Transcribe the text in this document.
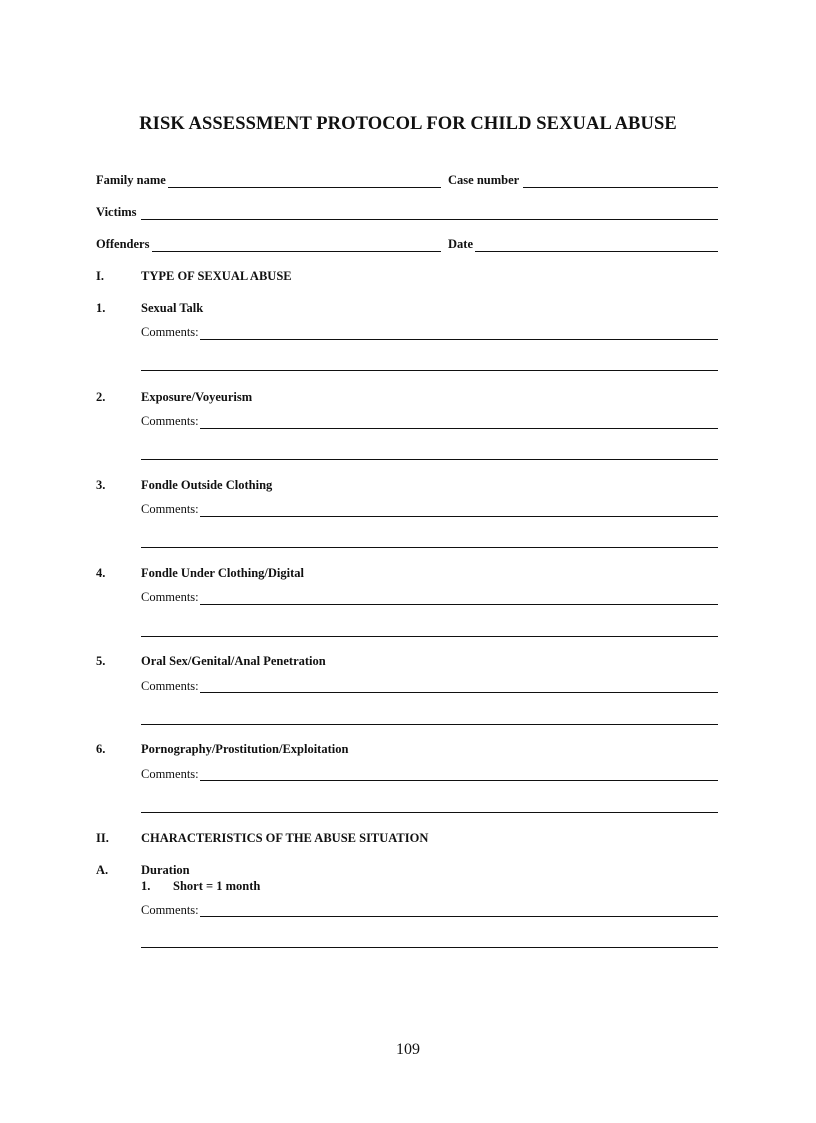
RISK ASSESSMENT PROTOCOL FOR CHILD SEXUAL ABUSE
Family name	Case number
Victims
Offenders	Date
I.	TYPE OF SEXUAL ABUSE
1.	Sexual Talk
Comments:
2.	Exposure/Voyeurism
Comments:
3.	Fondle Outside Clothing
Comments:
4.	Fondle Under Clothing/Digital
Comments:
5.	Oral Sex/Genital/Anal Penetration
Comments:
6.	Pornography/Prostitution/Exploitation
Comments:
II.	CHARACTERISTICS OF THE ABUSE SITUATION
A.	Duration
1. Short = 1 month
Comments:
109
